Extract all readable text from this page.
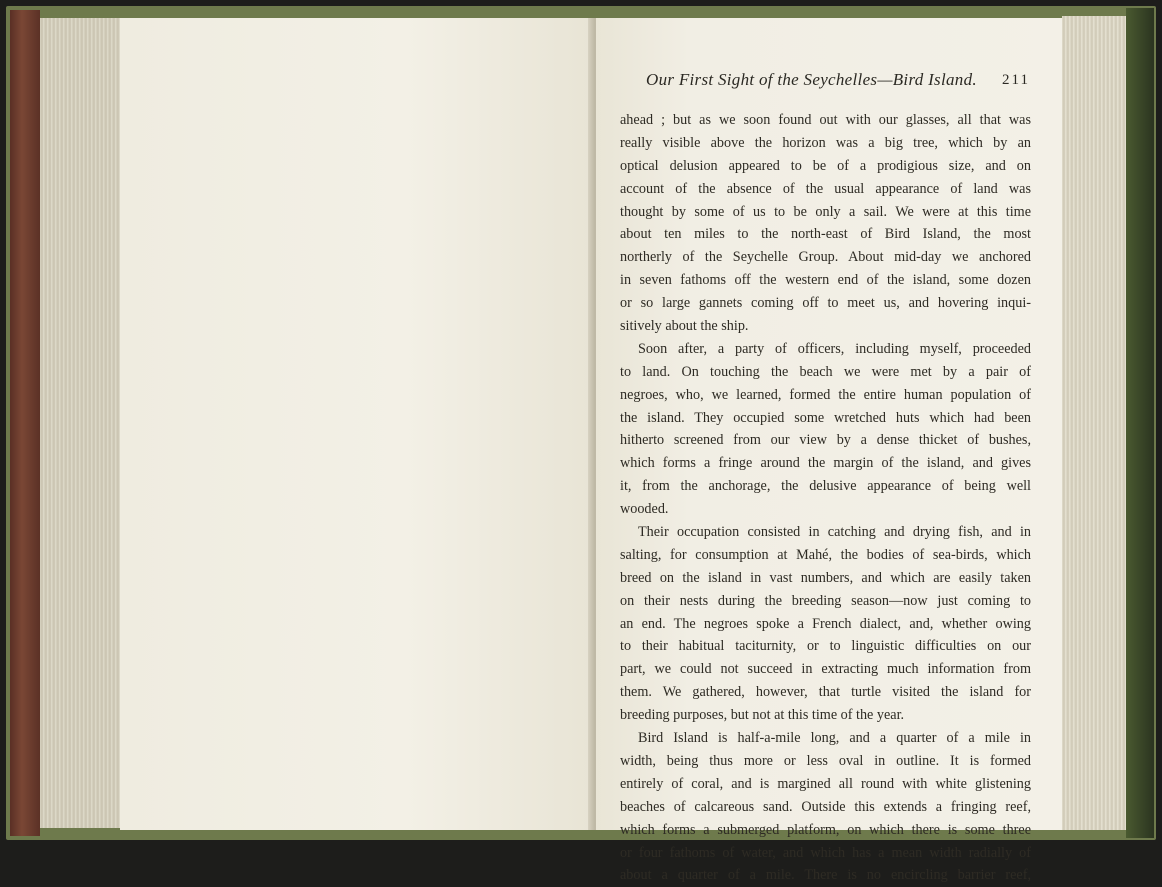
Our First Sight of the Seychelles—Bird Island. 211

ahead ; but as we soon found out with our glasses, all that was
really visible above the horizon was a big tree, which by an
optical delusion appeared to be of a prodigious size, and on
account of the absence of the usual appearance of land was
thought by some of us to be only a sail. We were at this time
about ten miles to the north-east of Bird Island, the most
northerly of the Seychelle Group. About mid-day we anchored
in seven fathoms off the western end of the island, some dozen
or so large gannets coming off to meet us, and hovering inqui-
sitively about the ship.

Soon after, a party of officers, including myself, proceeded
to land. On touching the beach we were met by a pair of
negroes, who, we learned, formed the entire human population of
the island. They occupied some wretched huts which had been
hitherto screened from our view by a dense thicket of bushes,
which forms a fringe around the margin of the island, and gives
it, from the anchorage, the delusive appearance of being well
wooded.

Their occupation consisted in catching and drying fish, and in
salting, for consumption at Mahé, the bodies of sea-birds, which
breed on the island in vast numbers, and which are easily taken
on their nests during the breeding season—now just coming to
an end. The negroes spoke a French dialect, and, whether owing
to their habitual taciturnity, or to linguistic difficulties on our
part, we could not succeed in extracting much information from
them. We gathered, however, that turtle visited the island for
breeding purposes, but not at this time of the year.

Bird Island is half-a-mile long, and a quarter of a mile in
width, being thus more or less oval in outline. It is formed
entirely of coral, and is margined all round with white glistening
beaches of calcareous sand. Outside this extends a fringing reef,
which forms a submerged platform, on which there is some three
or four fathoms of water, and which has a mean width radially of
about a quarter of a mile. There is no encircling barrier reef,
